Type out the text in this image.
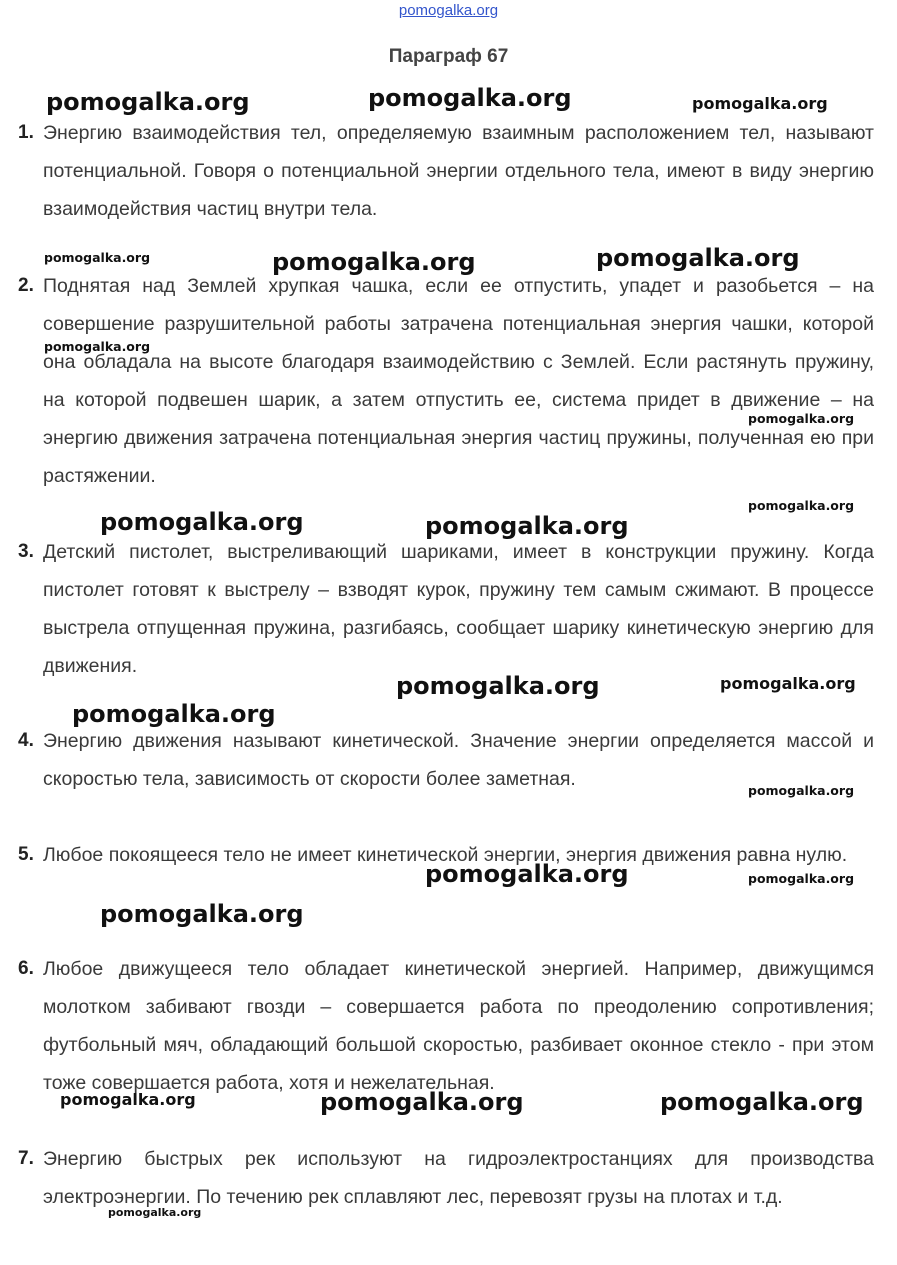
pomogalka.org
Параграф 67
1. Энергию взаимодействия тел, определяемую взаимным расположением тел, называют потенциальной. Говоря о потенциальной энергии отдельного тела, имеют в виду энергию взаимодействия частиц внутри тела.
2. Поднятая над Землей хрупкая чашка, если ее отпустить, упадет и разобьется – на совершение разрушительной работы затрачена потенциальная энергия чашки, которой она обладала на высоте благодаря взаимодействию с Землей. Если растянуть пружину, на которой подвешен шарик, а затем отпустить ее, система придет в движение – на энергию движения затрачена потенциальная энергия частиц пружины, полученная ею при растяжении.
3. Детский пистолет, выстреливающий шариками, имеет в конструкции пружину. Когда пистолет готовят к выстрелу – взводят курок, пружину тем самым сжимают. В процессе выстрела отпущенная пружина, разгибаясь, сообщает шарику кинетическую энергию для движения.
4. Энергию движения называют кинетической. Значение энергии определяется массой и скоростью тела, зависимость от скорости более заметная.
5. Любое покоящееся тело не имеет кинетической энергии, энергия движения равна нулю.
6. Любое движущееся тело обладает кинетической энергией. Например, движущимся молотком забивают гвозди – совершается работа по преодолению сопротивления; футбольный мяч, обладающий большой скоростью, разбивает оконное стекло - при этом тоже совершается работа, хотя и нежелательная.
7. Энергию быстрых рек используют на гидроэлектростанциях для производства электроэнергии. По течению рек сплавляют лес, перевозят грузы на плотах и т.д.
pomogalka.org	pomogalka.org	pomogalka.org
pomogalka.org	pomogalka.org	pomogalka.org
pomogalka.org
pomogalka.org
pomogalka.org
pomogalka.org	pomogalka.org
pomogalka.org	pomogalka.org
pomogalka.org
pomogalka.org
pomogalka.org	pomogalka.org
pomogalka.org
pomogalka.org	pomogalka.org	pomogalka.org
pomogalka.org
